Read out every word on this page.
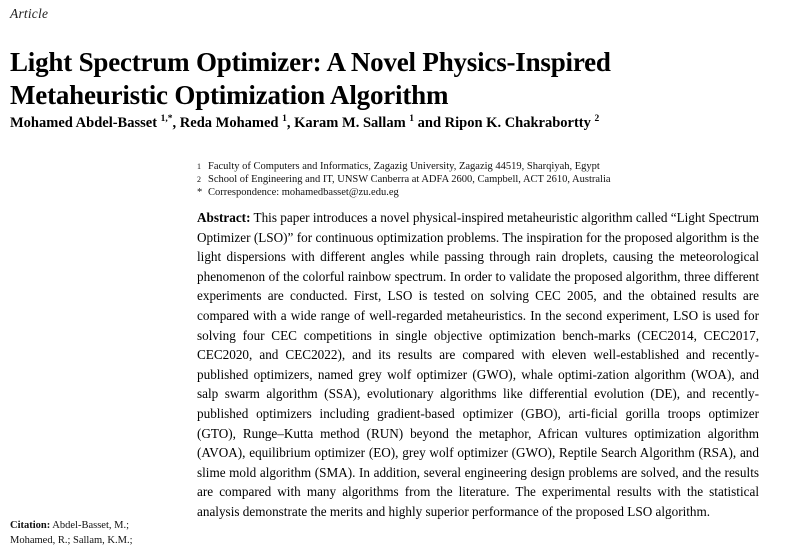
Article
Light Spectrum Optimizer: A Novel Physics-Inspired Metaheuristic Optimization Algorithm
Mohamed Abdel-Basset $^{1,*}$, Reda Mohamed $^1$, Karam M. Sallam $^1$ and Ripon K. Chakrabortty $^2$
1 Faculty of Computers and Informatics, Zagazig University, Zagazig 44519, Sharqiyah, Egypt
2 School of Engineering and IT, UNSW Canberra at ADFA 2600, Campbell, ACT 2610, Australia
* Correspondence: mohamedbasset@zu.edu.eg
Abstract: This paper introduces a novel physical-inspired metaheuristic algorithm called “Light Spectrum Optimizer (LSO)” for continuous optimization problems. The inspiration for the proposed algorithm is the light dispersions with different angles while passing through rain droplets, causing the meteorological phenomenon of the colorful rainbow spectrum. In order to validate the proposed algorithm, three different experiments are conducted. First, LSO is tested on solving CEC 2005, and the obtained results are compared with a wide range of well-regarded metaheuristics. In the second experiment, LSO is used for solving four CEC competitions in single objective optimization bench-marks (CEC2014, CEC2017, CEC2020, and CEC2022), and its results are compared with eleven well-established and recently-published optimizers, named grey wolf optimizer (GWO), whale optimi-zation algorithm (WOA), and salp swarm algorithm (SSA), evolutionary algorithms like differential evolution (DE), and recently-published optimizers including gradient-based optimizer (GBO), arti-ficial gorilla troops optimizer (GTO), Runge–Kutta method (RUN) beyond the metaphor, African vultures optimization algorithm (AVOA), equilibrium optimizer (EO), grey wolf optimizer (GWO), Reptile Search Algorithm (RSA), and slime mold algorithm (SMA). In addition, several engineering design problems are solved, and the results are compared with many algorithms from the literature. The experimental results with the statistical analysis demonstrate the merits and highly superior performance of the proposed LSO algorithm.
Citation: Abdel-Basset, M.; Mohamed, R.; Sallam, K.M.;
